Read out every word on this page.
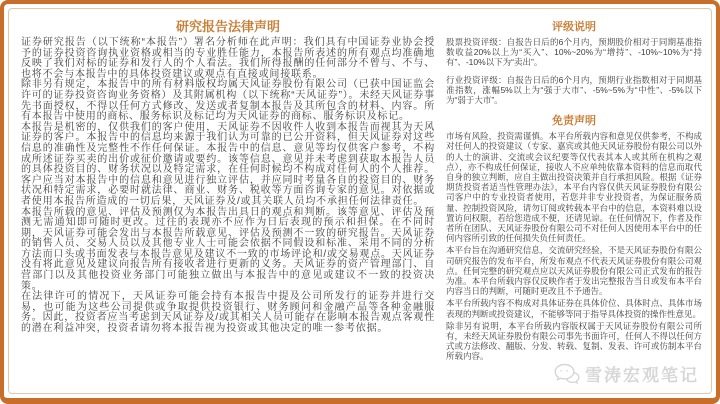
研究报告法律声明

证券研究报告（以下统称“本报告”）署名分析师在此声明：我们具有中国证券业协会授予的证券投资咨询执业资格或相当的专业胜任能力，本报告所表述的所有观点均准确地反映了我们对标的证券和发行人的个人看法。我们所得报酬的任何部分不曾与、不与、也将不会与本报告中的具体投资建议或观点有直接或间接联系。

除非另有规定，本报告中的所有材料版权均属天风证券股份有限公司（已获中国证监会许可的证券投资咨询业务资格）及其附属机构（以下统称“天风证券”）。未经天风证券事先书面授权，不得以任何方式修改、发送或者复制本报告及其所包含的材料、内容。所有本报告中使用的商标、服务标识及标记均为天风证券的商标、服务标识及标记。

本报告是机密的，仅供我们的客户使用，天风证券不因收件人收到本报告而视其为天风证券的客户。本报告中的信息均来源于我们认为可靠的已公开资料，但天风证券对这些信息的准确性及完整性不作任何保证。本报告中的信息、意见等均仅供客户参考，不构成所述证券买卖的出价或征价邀请或要约。该等信息、意见并未考虑到获取本报告人员的具体投资目的、财务状况以及特定需求，在任何时候均不构成对任何人的个人推荐。客户应当对本报告中的信息和意见进行独立评估，并应同时考量各自的投资目的、财务状况和特定需求，必要时就法律、商业、财务、税收等方面咨询专家的意见。对依据或者使用本报告所造成的一切后果，天风证券及/或其关联人员均不承担任何法律责任。

本报告所载的意见、评估及预测仅为本报告出具日的观点和判断。该等意见、评估及预测无需通知即可随时更改。过往的表现亦不应作为日后表现的预示和担保。在不同时期，天风证券可能会发出与本报告所载意见、评估及预测不一致的研究报告。天风证券的销售人员、交易人员以及其他专业人士可能会依据不同假设和标准、采用不同的分析方法而口头或书面发表与本报告意见及建议不一致的市场评论和/或交易观点。天风证券没有将此意见及建议向报告所有接收者进行更新的义务。天风证券的资产管理部门、自营部门以及其他投资业务部门可能独立做出与本报告中的意见或建议不一致的投资决策。

在法律许可的情况下，天风证券可能会持有本报告中提及公司所发行的证券并进行交易，也可能为这些公司提供或争取提供投资银行、财务顾问和金融产品等各种金融服务。因此，投资者应当考虑到天风证券及/或其相关人员可能存在影响本报告观点客观性的潜在利益冲突，投资者请勿将本报告视为投资或其他决定的唯一参考依据。

评级说明

股票投资评级：自报告日后的6个月内，预期股价相对于同期基准指数收益20%以上为“买入”、10%~20%为“增持”、-10%~10%为“持有”、-10%以下为“卖出”。

行业投资评级：自报告日后的6个月内，预期行业指数相对于同期基准指数，涨幅5%以上为“强于大市”、-5%~5%为“中性”、-5%以下为“弱于大市”。

免责声明

市场有风险，投资需谨慎。本平台所载内容和意见仅供参考，不构成对任何人的投资建议（专家、嘉宾或其他天风证券股份有限公司以外的人士的演讲、交流或会议纪要等仅代表其本人或其所在机构之观点），亦不构成任何保证，接收人不应单纯依靠本资料的信息而取代自身的独立判断，应自主做出投资决策并自行承担风险。根据《证券期货投资者适当性管理办法》，本平台内容仅供天风证券股份有限公司客户中的专业投资者使用，若您并非专业投资者，为保证服务质量、控制投资风险，请勿订阅或转载本平台中的信息，本资料难以设置访问权限，若给您造成不便，还请见谅。在任何情况下，作者及作者所在团队、天风证券股份有限公司不对任何人因使用本平台中的任何内容所引致的任何损失负任何责任。

本平台旨在沟通研究信息，交流研究经验，不是天风证券股份有限公司研究报告的发布平台，所发布观点不代表天风证券股份有限公司观点。任何完整的研究观点应以天风证券股份有限公司正式发布的报告为准。本平台所载内容仅反映作者于发出完整报告当日或发布本平台内容当日的判断，可随时更改且不予通告。

本平台所载内容不构成对具体证券在具体价位、具体时点、具体市场表现的判断或投资建议，不能够等同于指导具体投资的操作性意见。

除非另有说明，本平台所载内容版权属于天风证券股份有限公司所有，未经天风证券股份有限公司事先书面许可，任何人不得以任何方式或方法修改、翻版、分发、转载、复制、发表、许可或仿制本平台所载内容。

雪涛宏观笔记
